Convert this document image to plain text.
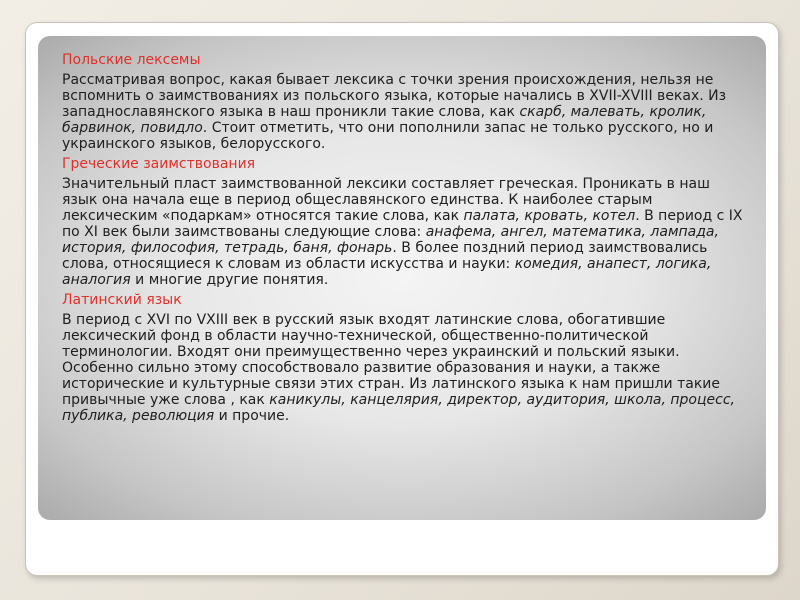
Польские лексемы
Рассматривая вопрос, какая бывает лексика с точки зрения происхождения, нельзя не вспомнить о заимствованиях из польского языка, которые начались в XVII-XVIII веках. Из западнославянского языка в наш проникли такие слова, как скарб, малевать, кролик, барвинок, повидло. Стоит отметить, что они пополнили запас не только русского, но и украинского языков, белорусского.
Греческие заимствования
Значительный пласт заимствованной лексики составляет греческая. Проникать в наш язык она начала еще в период общеславянского единства. К наиболее старым лексическим «подаркам» относятся такие слова, как палата, кровать, котел. В период с IX по XI век были заимствованы следующие слова: анафема, ангел, математика, лампада, история, философия, тетрадь, баня, фонарь. В более поздний период заимствовались слова, относящиеся к словам из области искусства и науки: комедия, анапест, логика, аналогия и многие другие понятия.
Латинский язык
В период с XVI по VXIII век в русский язык входят латинские слова, обогатившие лексический фонд в области научно-технической, общественно-политической терминологии. Входят они преимущественно через украинский и польский языки. Особенно сильно этому способствовало развитие образования и науки, а также исторические и культурные связи этих стран. Из латинского языка к нам пришли такие привычные уже слова , как каникулы, канцелярия, директор, аудитория, школа, процесс, публика, революция и прочие.
